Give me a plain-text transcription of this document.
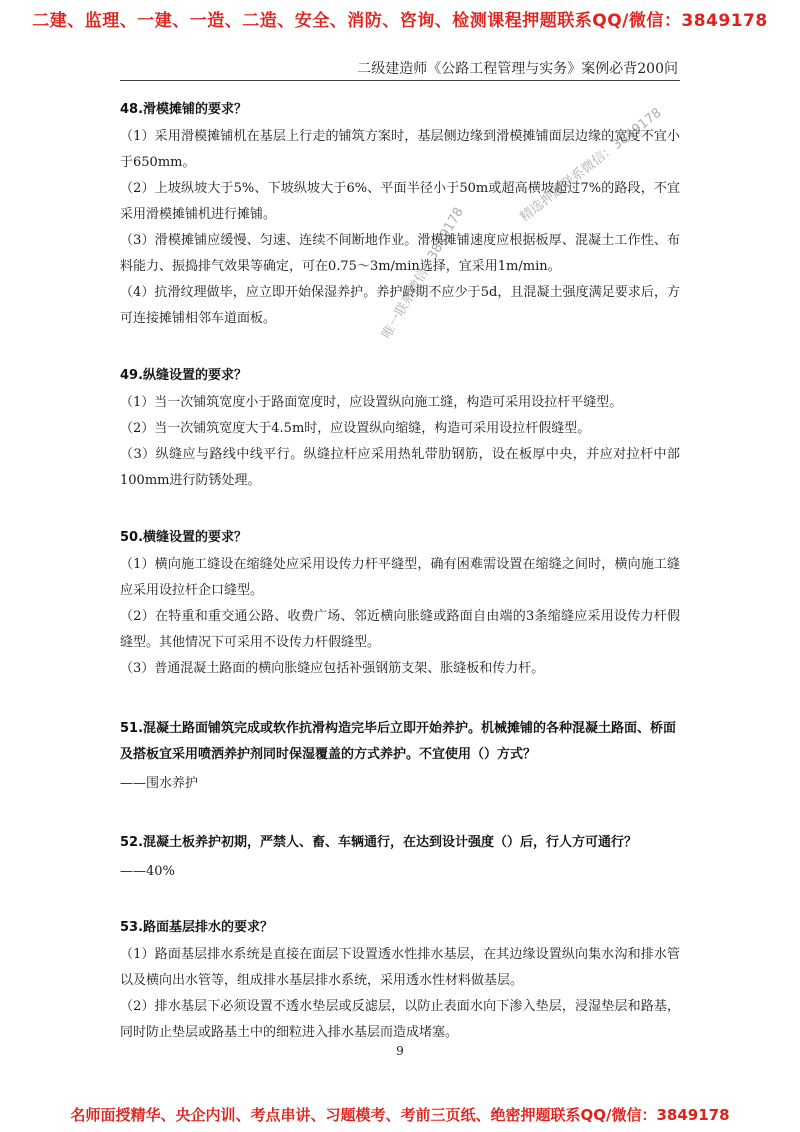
二建、监理、一建、一造、二造、安全、消防、咨询、检测课程押题联系QQ/微信：3849178
二级建造师《公路工程管理与实务》案例必背200问

48.滑模摊铺的要求？

（1）采用滑模摊铺机在基层上行走的铺筑方案时，基层侧边缘到滑模摊铺面层边缘的宽度不宜小于650mm。

（2）上坡纵坡大于5%、下坡纵坡大于6%、平面半径小于50m或超高横坡超过7%的路段，不宜采用滑模摊铺机进行摊铺。

（3）滑模摊铺应缓慢、匀速、连续不间断地作业。滑模摊铺速度应根据板厚、混凝土工作性、布料能力、振捣排气效果等确定，可在0.75～3m/min选择，宜采用1m/min。

（4）抗滑纹理做毕，应立即开始保湿养护。养护龄期不应少于5d，且混凝土强度满足要求后，方可连接摊铺相邻车道面板。

49.纵缝设置的要求？

（1）当一次铺筑宽度小于路面宽度时，应设置纵向施工缝，构造可采用设拉杆平缝型。

（2）当一次铺筑宽度大于4.5m时，应设置纵向缩缝，构造可采用设拉杆假缝型。

（3）纵缝应与路线中线平行。纵缝拉杆应采用热轧带肋钢筋，设在板厚中央，并应对拉杆中部100mm进行防锈处理。

50.横缝设置的要求？

（1）横向施工缝设在缩缝处应采用设传力杆平缝型，确有困难需设置在缩缝之间时，横向施工缝应采用设拉杆企口缝型。

（2）在特重和重交通公路、收费广场、邻近横向胀缝或路面自由端的3条缩缝应采用设传力杆假缝型。其他情况下可采用不设传力杆假缝型。

（3）普通混凝土路面的横向胀缝应包括补强钢筋支架、胀缝板和传力杆。

51.混凝土路面铺筑完成或软作抗滑构造完毕后立即开始养护。机械摊铺的各种混凝土路面、桥面及搭板宜采用喷洒养护剂同时保湿覆盖的方式养护。不宜使用（）方式？

——围水养护

52.混凝土板养护初期，严禁人、畜、车辆通行，在达到设计强度（）后，行人方可通行？

——40%

53.路面基层排水的要求？

（1）路面基层排水系统是直接在面层下设置透水性排水基层，在其边缘设置纵向集水沟和排水管以及横向出水管等，组成排水基层排水系统，采用透水性材料做基层。

（2）排水基层下必须设置不透水垫层或反滤层，以防止表面水向下渗入垫层，浸湿垫层和路基，同时防止垫层或路基土中的细粒进入排水基层而造成堵塞。

精选押题联系微信：3849178
唯一联系微信：3849178
9
名师面授精华、央企内训、考点串讲、习题模考、考前三页纸、绝密押题联系QQ/微信：3849178
